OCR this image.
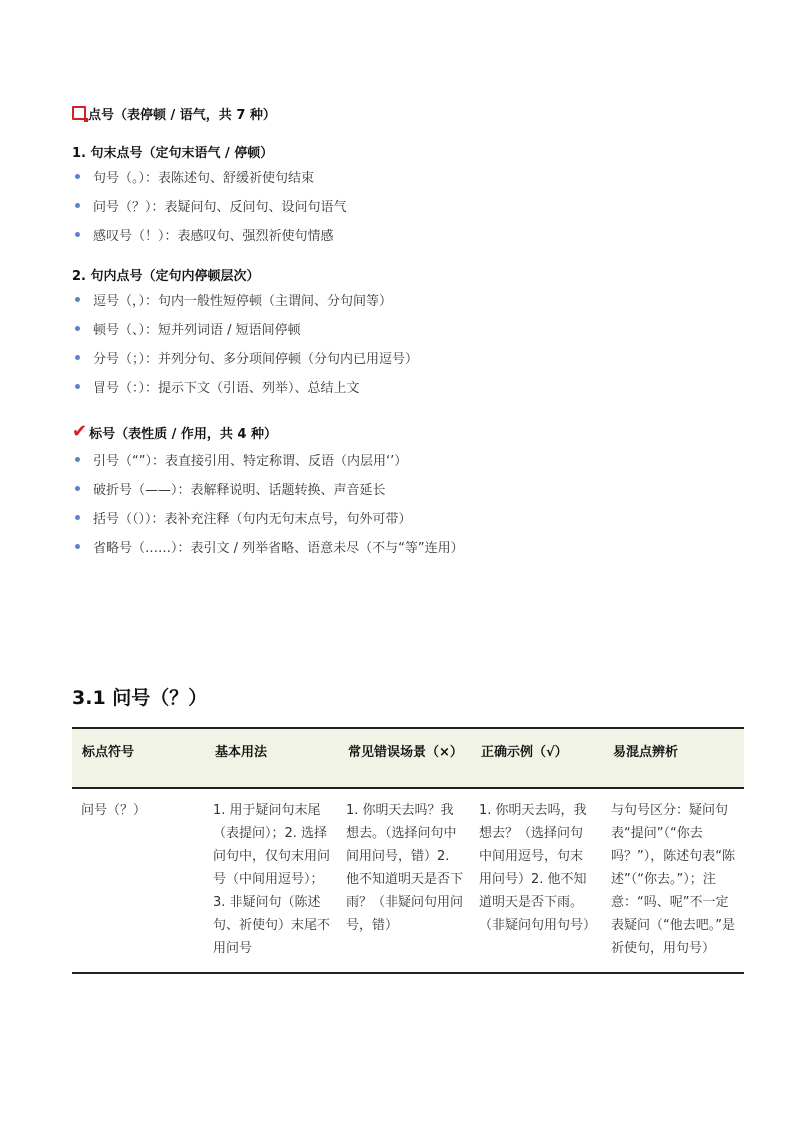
点号（表停顿 / 语气，共 7 种）
1. 句末点号（定句末语气 / 停顿）
句号（。）：表陈述句、舒缓祈使句结束
问号（？）：表疑问句、反问句、设问句语气
感叹号（！）：表感叹句、强烈祈使句情感
2. 句内点号（定句内停顿层次）
逗号（，）：句内一般性短停顿（主谓间、分句间等）
顿号（、）：短并列词语 / 短语间停顿
分号（；）：并列分句、多分项间停顿（分句内已用逗号）
冒号（：）：提示下文（引语、列举）、总结上文
✔ 标号（表性质 / 作用，共 4 种）
引号（“”）：表直接引用、特定称谓、反语（内层用‘’）
破折号（——）：表解释说明、话题转换、声音延长
括号（（））：表补充注释（句内无句末点号，句外可带）
省略号（……）：表引文 / 列举省略、语意未尽（不与“等”连用）
3.1 问号（？）
标点符号	基本用法	常见错误场景（×）	正确示例（√）	易混点辨析
问号（？）	1. 用于疑问句末尾（表提问）；2. 选择问句中，仅句末用问号（中间用逗号）；3. 非疑问句（陈述句、祈使句）末尾不用问号	1. 你明天去吗？我想去。（选择问句中间用问号，错）2. 他不知道明天是否下雨？（非疑问句用问号，错）	1. 你明天去吗，我想去？（选择问句中间用逗号，句末用问号）2. 他不知道明天是否下雨。（非疑问句用句号）	与句号区分：疑问句表“提问”（“你去吗？”），陈述句表“陈述”（“你去。”）；注意：“吗、呢”不一定表疑问（“他去吧。”是祈使句，用句号）
